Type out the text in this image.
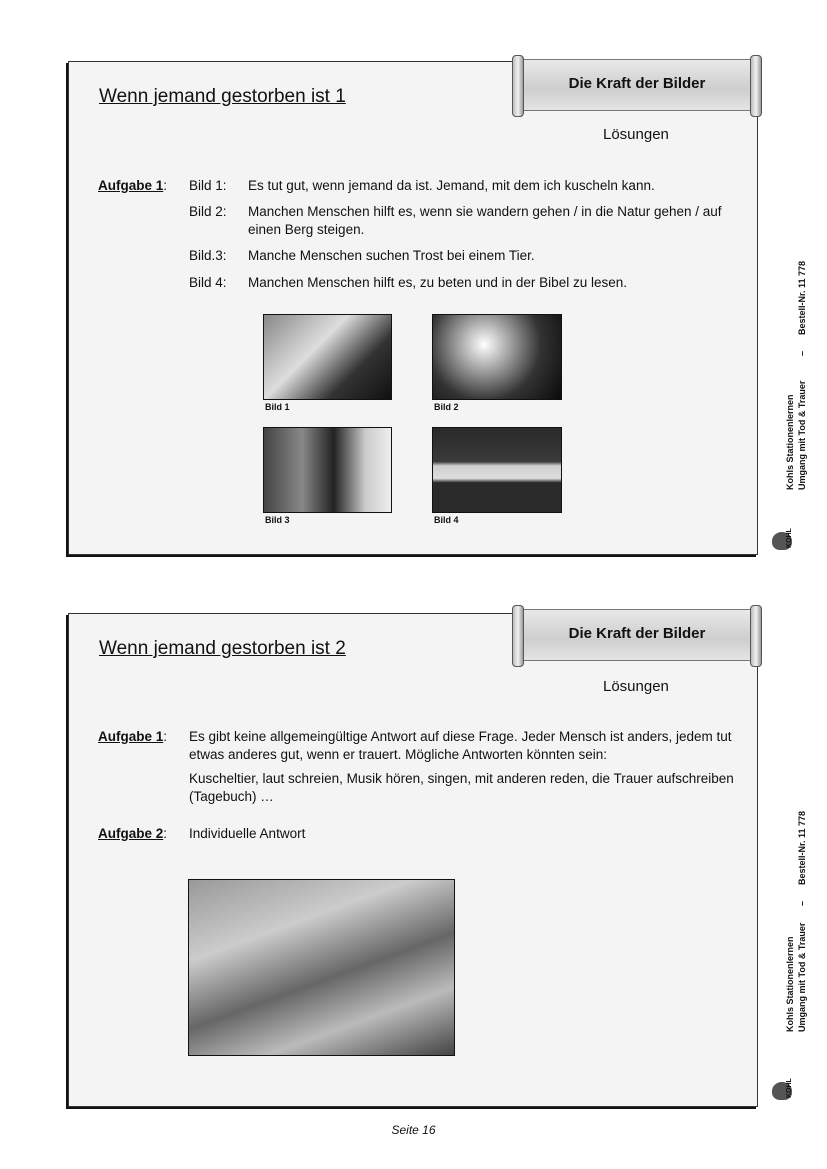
Wenn jemand gestorben ist 1
Die Kraft der Bilder
Lösungen
Aufgabe 1: Bild 1: Es tut gut, wenn jemand da ist. Jemand, mit dem ich kuscheln kann.
Bild 2: Manchen Menschen hilft es, wenn sie wandern gehen / in die Natur gehen / auf einen Berg steigen.
Bild.3: Manche Menschen suchen Trost bei einem Tier.
Bild 4: Manchen Menschen hilft es, zu beten und in der Bibel zu lesen.
Bild 1	Bild 2
Bild 3	Bild 4
Kohls Stationenlernen Umgang mit Tod & Trauer
–
Bestell-Nr. 11 778
KOHL
Wenn jemand gestorben ist 2
Die Kraft der Bilder
Lösungen
Aufgabe 1: Es gibt keine allgemeingültige Antwort auf diese Frage. Jeder Mensch ist anders, jedem tut etwas anderes gut, wenn er trauert. Mögliche Antworten könnten sein:
Kuscheltier, laut schreien, Musik hören, singen, mit anderen reden, die Trauer aufschreiben (Tagebuch) …
Aufgabe 2: Individuelle Antwort
Kohls Stationenlernen Umgang mit Tod & Trauer
–
Bestell-Nr. 11 778
KOHL
Seite 16
